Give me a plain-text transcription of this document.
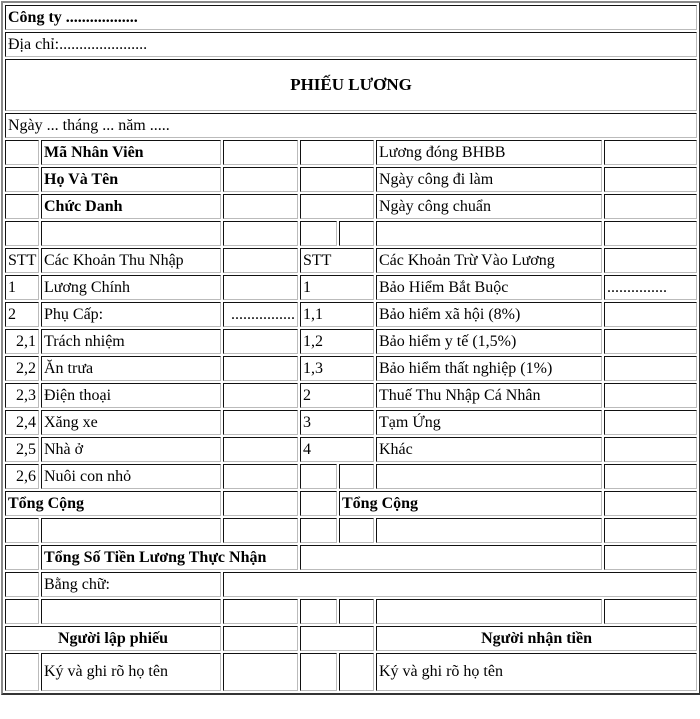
Công ty ..................						
Địa chỉ:......................						
PHIẾU LƯƠNG						
Ngày ... tháng ... năm .....						
	Mã Nhân Viên				Lương đóng BHBB	
	Họ Và Tên				Ngày công đi làm	
	Chức Danh				Ngày công chuẩn	

STT	Các Khoản Thu Nhập		STT		Các Khoản Trừ Vào Lương	
1	Lương Chính		1		Bảo Hiểm Bắt Buộc	...............
2	Phụ Cấp:	................	1,1		Bảo hiểm xã hội (8%)	
2,1	Trách nhiệm		1,2		Bảo hiểm y tế (1,5%)	
2,2	Ăn trưa		1,3		Bảo hiểm thất nghiệp (1%)	
2,3	Điện thoại		2		Thuế Thu Nhập Cá Nhân	
2,4	Xăng xe		3		Tạm Ứng	
2,5	Nhà ở		4		Khác	
2,6	Nuôi con nhỏ					
Tổng Cộng				Tổng Cộng		

	Tổng Số Tiền Lương Thực Nhận					
	Bằng chữ:					

Người lập phiếu					Người nhận tiền	
	Ký và ghi rõ họ tên				Ký và ghi rõ họ tên	
